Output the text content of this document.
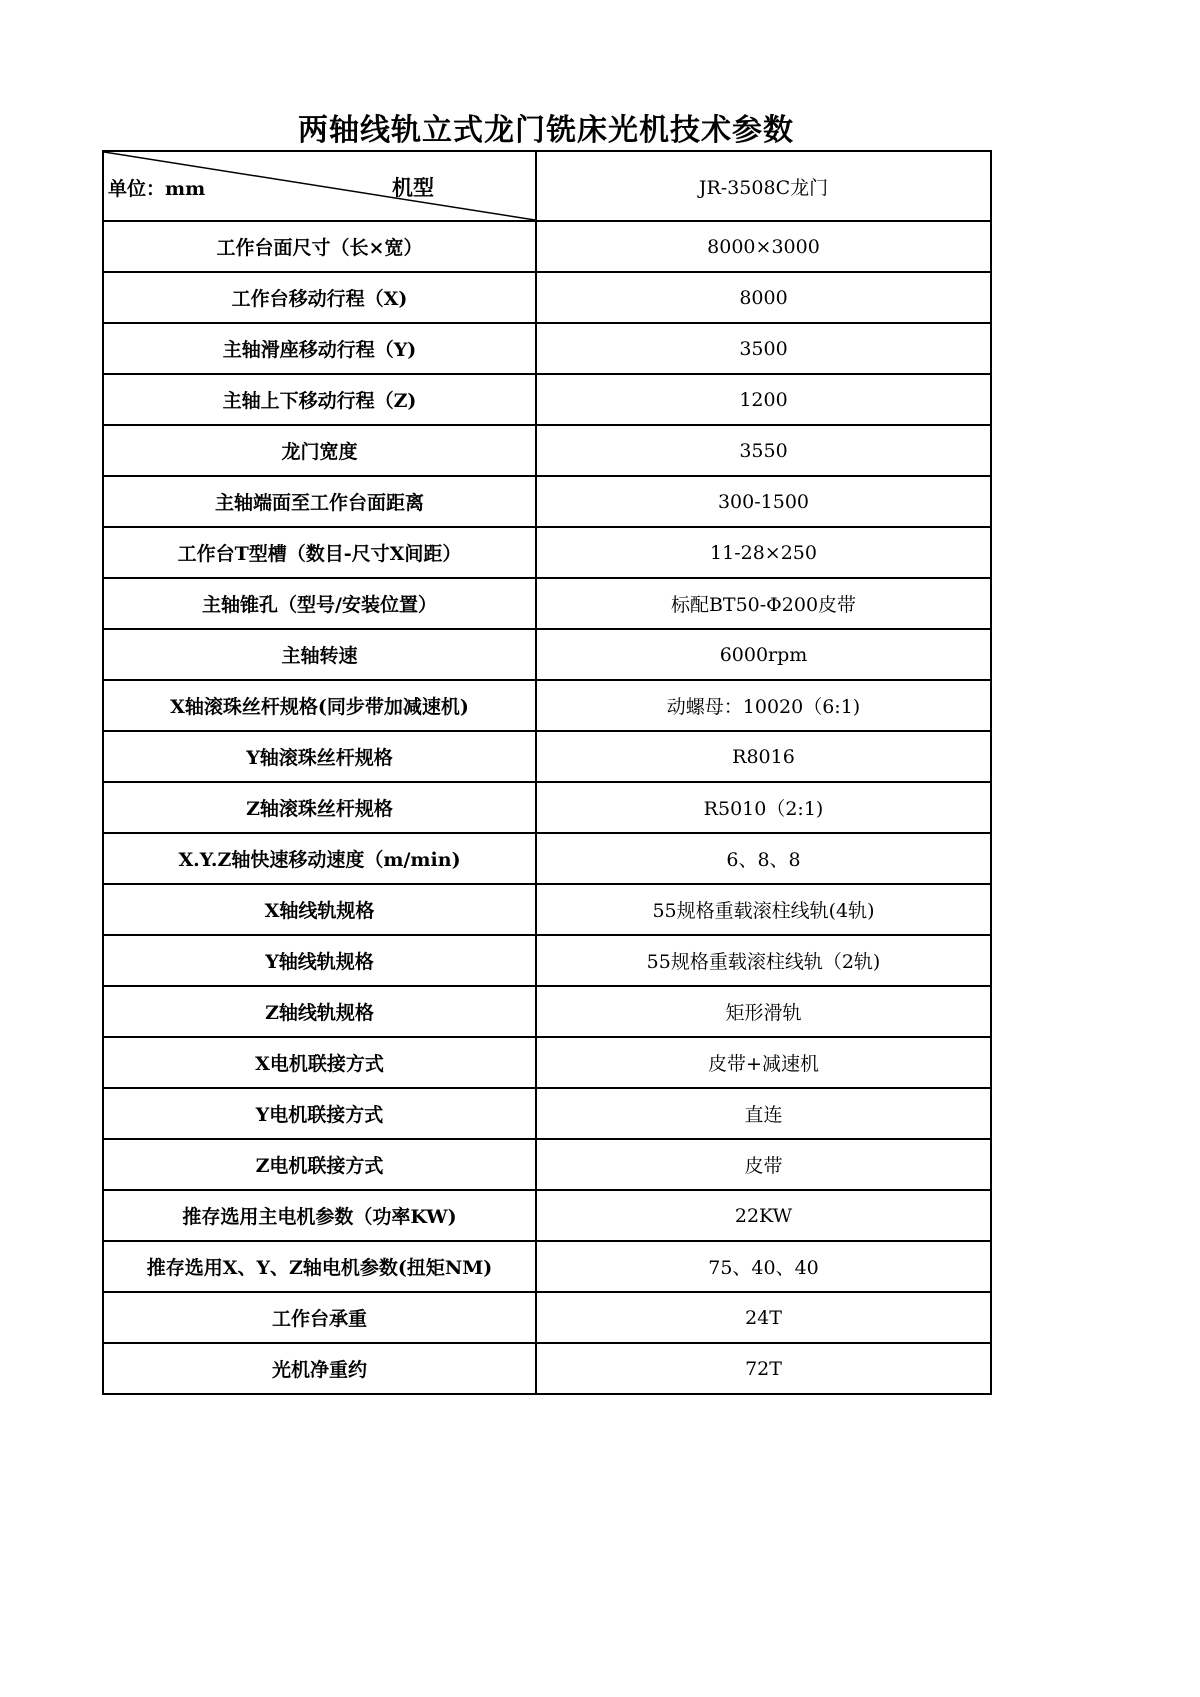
两轴线轨立式龙门铣床光机技术参数
单位：mm 机型	JR-3508C龙门
工作台面尺寸（长×宽）	8000×3000
工作台移动行程（X)	8000
主轴滑座移动行程（Y)	3500
主轴上下移动行程（Z)	1200
龙门宽度	3550
主轴端面至工作台面距离	300-1500
工作台T型槽（数目-尺寸X间距）	11-28×250
主轴锥孔（型号/安装位置）	标配BT50-Φ200皮带
主轴转速	6000rpm
X轴滚珠丝杆规格(同步带加减速机)	动螺母：10020（6:1)
Y轴滚珠丝杆规格	R8016
Z轴滚珠丝杆规格	R5010（2:1)
X.Y.Z轴快速移动速度（m/min)	6、8、8
X轴线轨规格	55规格重载滚柱线轨(4轨)
Y轴线轨规格	55规格重载滚柱线轨（2轨)
Z轴线轨规格	矩形滑轨
X电机联接方式	皮带+减速机
Y电机联接方式	直连
Z电机联接方式	皮带
推存选用主电机参数（功率KW)	22KW
推存选用X、Y、Z轴电机参数(扭矩NM)	75、40、40
工作台承重	24T
光机净重约	72T
